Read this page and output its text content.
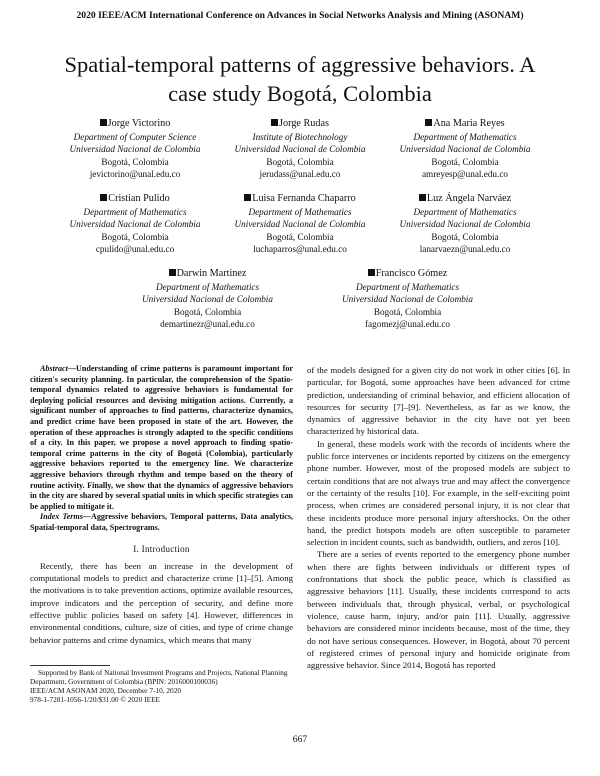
2020 IEEE/ACM International Conference on Advances in Social Networks Analysis and Mining (ASONAM)
Spatial-temporal patterns of aggressive behaviors. A
case study Bogotá, Colombia
Jorge Victorino
Department of Computer Science
Universidad Nacional de Colombia
Bogotá, Colombia
jevictorino@unal.edu.co
Jorge Rudas
Institute of Biotechnology
Universidad Nacional de Colombia
Bogotá, Colombia
jerudass@unal.edu.co
Ana Maria Reyes
Department of Mathematics
Universidad Nacional de Colombia
Bogotá, Colombia
amreyesp@unal.edu.co
Cristian Pulido
Department of Mathematics
Universidad Nacional de Colombia
Bogotá, Colombia
cpulido@unal.edu.co
Luisa Fernanda Chaparro
Department of Mathematics
Universidad Nacional de Colombia
Bogotá, Colombia
luchaparros@unal.edu.co
Luz Ángela Narváez
Department of Mathematics
Universidad Nacional de Colombia
Bogotá, Colombia
lanarvaezn@unal.edu.co
Darwin Martinez
Department of Mathematics
Universidad Nacional de Colombia
Bogotá, Colombia
demartinezr@unal.edu.co
Francisco Gómez
Department of Mathematics
Universidad Nacional de Colombia
Bogotá, Colombia
fagomezj@unal.edu.co

Abstract—Understanding of crime patterns is paramount important for citizen's security planning. In particular, the comprehension of the Spatio-temporal dynamics related to aggressive behaviors is fundamental for deploying policial resources and devising mitigation actions. Currently, a significant number of approaches to find patterns, characterize dynamics, and predict crime have been proposed in state of the art. However, the operation of these approaches is strongly adapted to the specific conditions of a city. In this paper, we propose a novel approach to finding spatio-temporal crime patterns in the city of Bogotá (Colombia), particularly aggressive behaviors reported to the emergency line. We characterize aggressive behaviors through rhythm and tempo based on the theory of routine activity. Finally, we show that the dynamics of aggressive behaviors in the city are shared by several spatial units in which specific strategies can be applied to mitigate it.

Index Terms—Aggressive behaviors, Temporal patterns, Data analytics, Spatial-temporal data, Spectrograms.

I. Introduction

Recently, there has been an increase in the development of computational models to predict and characterize crime [1]–[5]. Among the motivations is to take prevention actions, optimize available resources, improve indicators and the perception of security, and define more effective public policies based on safety [4]. However, differences in environmental conditions, culture, size of cities, and type of crime change behavior patterns and crime dynamics, which means that many

Supported by Bank of National Investment Programs and Projects, National Planning Department, Government of Colombia (BPIN: 2016000100036)

IEEE/ACM ASONAM 2020, December 7-10, 2020

978-1-7281-1056-1/20/$31.00 © 2020 IEEE

of the models designed for a given city do not work in other cities [6]. In particular, for Bogotá, some approaches have been advanced for crime prediction, understanding of criminal behavior, and efficient allocation of resources for security [7]–[9]. Nevertheless, as far as we know, the dynamics of aggressive behavior in the city have not yet been characterized by historical data.

In general, these models work with the records of incidents where the public force intervenes or incidents reported by citizens on the emergency phone number. However, most of the proposed models are subject to certain conditions that are not always true and may affect the convergence or the certainty of the results [10]. For example, in the self-exciting point process, when crimes are considered personal injury, it is not clear that these incidents produce more personal injury aftershocks. On the other hand, the predict hotspots models are often susceptible to parameter selection in incident counts, such as bandwidth, outliers, and zeros [10].

There are a series of events reported to the emergency phone number when there are fights between individuals or different types of confrontations that shock the public peace, which is classified as aggressive behaviors [11]. Usually, these incidents correspond to acts between individuals that, through physical, verbal, or psychological violence, cause harm, injury, and/or pain [11]. Usually, aggressive behaviors are considered minor incidents because, most of the time, they do not have serious consequences. However, in Bogotá, about 70 percent of registered crimes of personal injury and homicide originate from aggressive behavior. Since 2014, Bogotá has reported

667
